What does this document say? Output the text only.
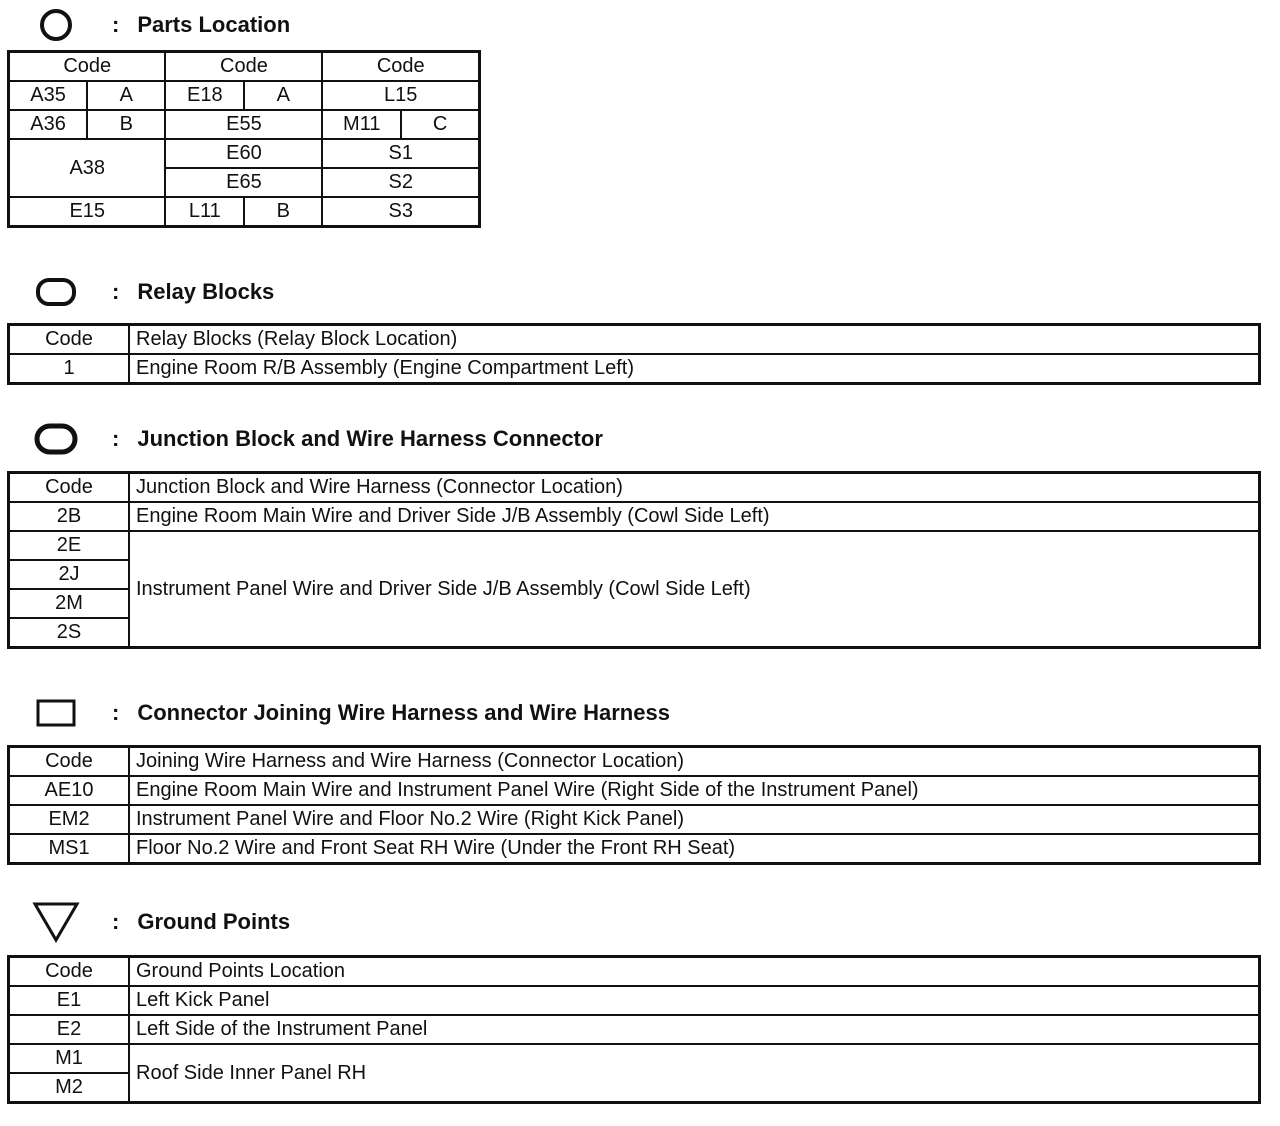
: Parts Location
Code		Code		Code	
A35	A	E18	A	L15	
A36	B	E55		M11	C
A38		E60		S1	
		E65		S2	
E15		L11	B	S3	
: Relay Blocks
Code	Relay Blocks (Relay Block Location)
1	Engine Room R/B Assembly (Engine Compartment Left)
: Junction Block and Wire Harness Connector
Code	Junction Block and Wire Harness (Connector Location)
2B	Engine Room Main Wire and Driver Side J/B Assembly (Cowl Side Left)
2E	Instrument Panel Wire and Driver Side J/B Assembly (Cowl Side Left)
2J	
2M	
2S	
: Connector Joining Wire Harness and Wire Harness
Code	Joining Wire Harness and Wire Harness (Connector Location)
AE10	Engine Room Main Wire and Instrument Panel Wire (Right Side of the Instrument Panel)
EM2	Instrument Panel Wire and Floor No.2 Wire (Right Kick Panel)
MS1	Floor No.2 Wire and Front Seat RH Wire (Under the Front RH Seat)
: Ground Points
Code	Ground Points Location
E1	Left Kick Panel
E2	Left Side of the Instrument Panel
M1	Roof Side Inner Panel RH
M2	
